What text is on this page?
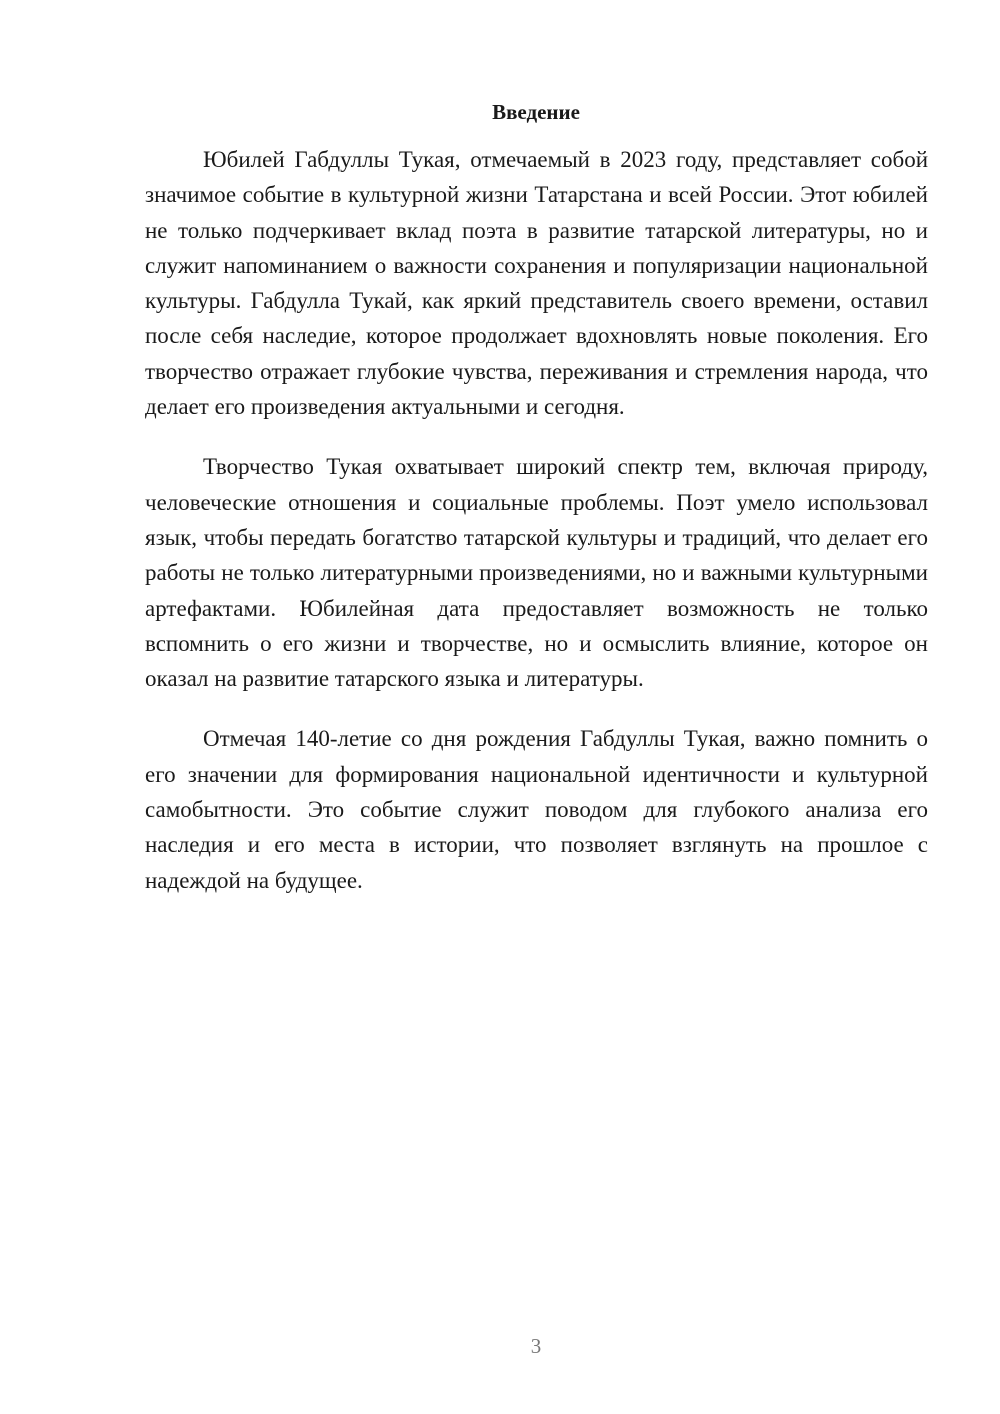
Введение

Юбилей Габдуллы Тукая, отмечаемый в 2023 году, представляет собой значимое событие в культурной жизни Татарстана и всей России. Этот юбилей не только подчеркивает вклад поэта в развитие татарской литературы, но и служит напоминанием о важности сохранения и популяризации национальной культуры. Габдулла Тукай, как яркий представитель своего времени, оставил после себя наследие, которое продолжает вдохновлять новые поколения. Его творчество отражает глубокие чувства, переживания и стремления народа, что делает его произведения актуальными и сегодня.

Творчество Тукая охватывает широкий спектр тем, включая природу, человеческие отношения и социальные проблемы. Поэт умело использовал язык, чтобы передать богатство татарской культуры и традиций, что делает его работы не только литературными произведениями, но и важными культурными артефактами. Юбилейная дата предоставляет возможность не только вспомнить о его жизни и творчестве, но и осмыслить влияние, которое он оказал на развитие татарского языка и литературы.

Отмечая 140-летие со дня рождения Габдуллы Тукая, важно помнить о его значении для формирования национальной идентичности и культурной самобытности. Это событие служит поводом для глубокого анализа его наследия и его места в истории, что позволяет взглянуть на прошлое с надеждой на будущее.

3
